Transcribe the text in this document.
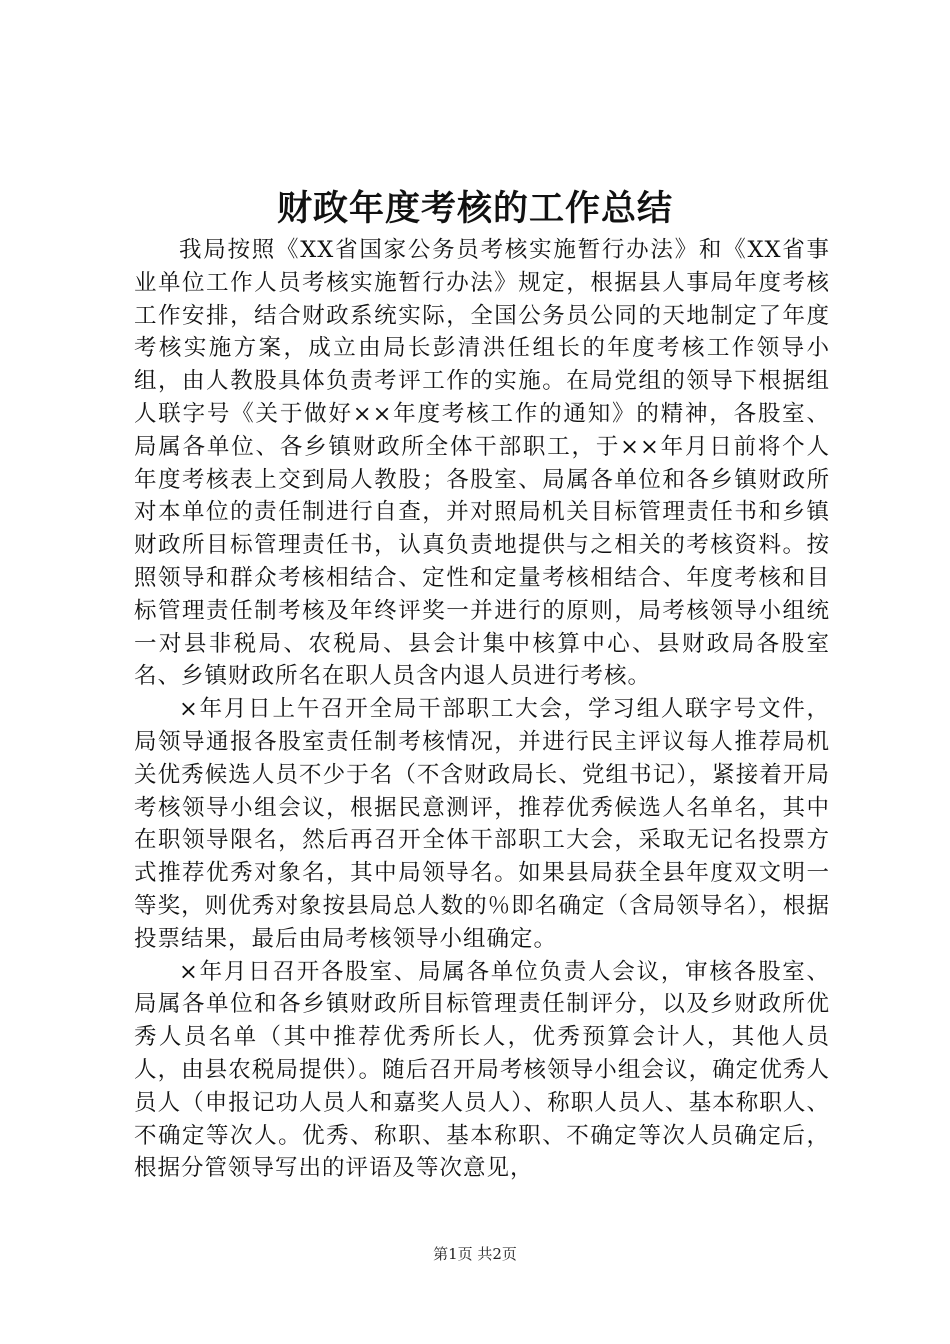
财政年度考核的工作总结

我局按照《XX省国家公务员考核实施暂行办法》和《XX省事业单位工作人员考核实施暂行办法》规定，根据县人事局年度考核工作安排，结合财政系统实际，全国公务员公同的天地制定了年度考核实施方案，成立由局长彭清洪任组长的年度考核工作领导小组，由人教股具体负责考评工作的实施。在局党组的领导下根据组人联字号《关于做好××年度考核工作的通知》的精神，各股室、局属各单位、各乡镇财政所全体干部职工，于××年月日前将个人年度考核表上交到局人教股；各股室、局属各单位和各乡镇财政所对本单位的责任制进行自查，并对照局机关目标管理责任书和乡镇财政所目标管理责任书，认真负责地提供与之相关的考核资料。按照领导和群众考核相结合、定性和定量考核相结合、年度考核和目标管理责任制考核及年终评奖一并进行的原则，局考核领导小组统一对县非税局、农税局、县会计集中核算中心、县财政局各股室名、乡镇财政所名在职人员含内退人员进行考核。

×年月日上午召开全局干部职工大会，学习组人联字号文件，局领导通报各股室责任制考核情况，并进行民主评议每人推荐局机关优秀候选人员不少于名（不含财政局长、党组书记），紧接着开局考核领导小组会议，根据民意测评，推荐优秀候选人名单名，其中在职领导限名，然后再召开全体干部职工大会，采取无记名投票方式推荐优秀对象名，其中局领导名。如果县局获全县年度双文明一等奖，则优秀对象按县局总人数的％即名确定（含局领导名），根据投票结果，最后由局考核领导小组确定。

×年月日召开各股室、局属各单位负责人会议，审核各股室、局属各单位和各乡镇财政所目标管理责任制评分，以及乡财政所优秀人员名单（其中推荐优秀所长人，优秀预算会计人，其他人员人，由县农税局提供）。随后召开局考核领导小组会议，确定优秀人员人（申报记功人员人和嘉奖人员人）、称职人员人、基本称职人、不确定等次人。优秀、称职、基本称职、不确定等次人员确定后，根据分管领导写出的评语及等次意见，

第1页 共2页
